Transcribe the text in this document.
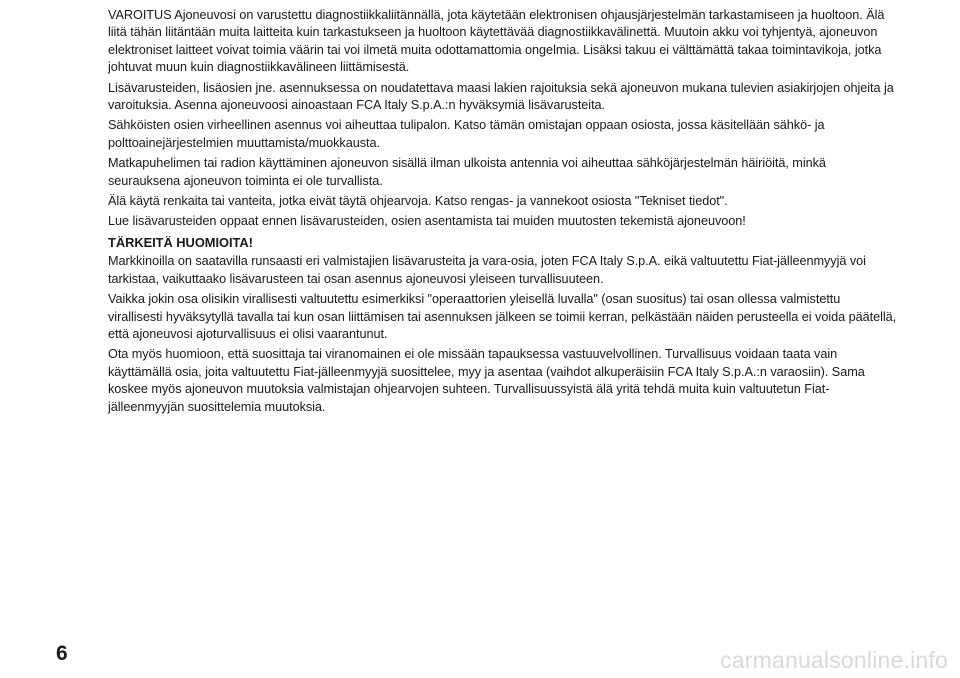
VAROITUS Ajoneuvosi on varustettu diagnostiikkaliitännällä, jota käytetään elektronisen ohjausjärjestelmän tarkastamiseen ja huoltoon. Älä liitä tähän liitäntään muita laitteita kuin tarkastukseen ja huoltoon käytettävää diagnostiikkavälinettä. Muutoin akku voi tyhjentyä, ajoneuvon elektroniset laitteet voivat toimia väärin tai voi ilmetä muita odottamattomia ongelmia. Lisäksi takuu ei välttämättä takaa toimintavikoja, jotka johtuvat muun kuin diagnostiikkavälineen liittämisestä.

Lisävarusteiden, lisäosien jne. asennuksessa on noudatettava maasi lakien rajoituksia sekä ajoneuvon mukana tulevien asiakirjojen ohjeita ja varoituksia. Asenna ajoneuvoosi ainoastaan FCA Italy S.p.A.:n hyväksymiä lisävarusteita.

Sähköisten osien virheellinen asennus voi aiheuttaa tulipalon. Katso tämän omistajan oppaan osiosta, jossa käsitellään sähkö- ja polttoainejärjestelmien muuttamista/muokkausta.

Matkapuhelimen tai radion käyttäminen ajoneuvon sisällä ilman ulkoista antennia voi aiheuttaa sähköjärjestelmän häiriöitä, minkä seurauksena ajoneuvon toiminta ei ole turvallista.

Älä käytä renkaita tai vanteita, jotka eivät täytä ohjearvoja. Katso rengas- ja vannekoot osiosta "Tekniset tiedot".

Lue lisävarusteiden oppaat ennen lisävarusteiden, osien asentamista tai muiden muutosten tekemistä ajoneuvoon!

TÄRKEITÄ HUOMIOITA!

Markkinoilla on saatavilla runsaasti eri valmistajien lisävarusteita ja vara-osia, joten FCA Italy S.p.A. eikä valtuutettu Fiat-jälleenmyyjä voi tarkistaa, vaikuttaako lisävarusteen tai osan asennus ajoneuvosi yleiseen turvallisuuteen.

Vaikka jokin osa olisikin virallisesti valtuutettu esimerkiksi "operaattorien yleisellä luvalla" (osan suositus) tai osan ollessa valmistettu virallisesti hyväksytyllä tavalla tai kun osan liittämisen tai asennuksen jälkeen se toimii kerran, pelkästään näiden perusteella ei voida päätellä, että ajoneuvosi ajoturvallisuus ei olisi vaarantunut.

Ota myös huomioon, että suosittaja tai viranomainen ei ole missään tapauksessa vastuuvelvollinen. Turvallisuus voidaan taata vain käyttämällä osia, joita valtuutettu Fiat-jälleenmyyjä suosittelee, myy ja asentaa (vaihdot alkuperäisiin FCA Italy S.p.A.:n varaosiin). Sama koskee myös ajoneuvon muutoksia valmistajan ohjearvojen suhteen. Turvallisuussyistä älä yritä tehdä muita kuin valtuutetun Fiat-jälleenmyyjän suosittelemia muutoksia.

6	carmanualsonline.info
